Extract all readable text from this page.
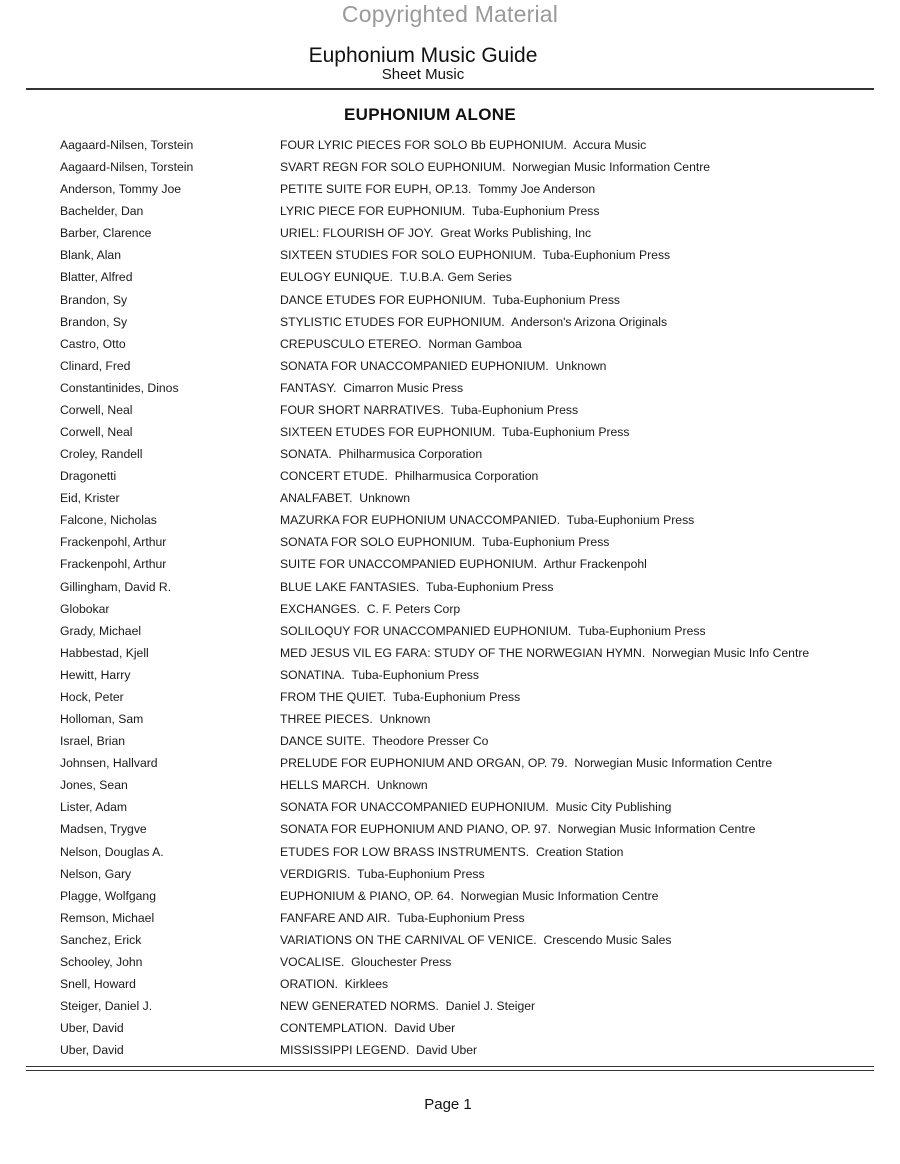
Copyrighted Material
Euphonium Music Guide
Sheet Music
EUPHONIUM ALONE
Aagaard-Nilsen, Torstein	FOUR LYRIC PIECES FOR SOLO Bb EUPHONIUM. Accura Music
Aagaard-Nilsen, Torstein	SVART REGN FOR SOLO EUPHONIUM. Norwegian Music Information Centre
Anderson, Tommy Joe	PETITE SUITE FOR EUPH, OP.13. Tommy Joe Anderson
Bachelder, Dan	LYRIC PIECE FOR EUPHONIUM. Tuba-Euphonium Press
Barber, Clarence	URIEL: FLOURISH OF JOY. Great Works Publishing, Inc
Blank, Alan	SIXTEEN STUDIES FOR SOLO EUPHONIUM. Tuba-Euphonium Press
Blatter, Alfred	EULOGY EUNIQUE. T.U.B.A. Gem Series
Brandon, Sy	DANCE ETUDES FOR EUPHONIUM. Tuba-Euphonium Press
Brandon, Sy	STYLISTIC ETUDES FOR EUPHONIUM. Anderson's Arizona Originals
Castro, Otto	CREPUSCULO ETEREO. Norman Gamboa
Clinard, Fred	SONATA FOR UNACCOMPANIED EUPHONIUM. Unknown
Constantinides, Dinos	FANTASY. Cimarron Music Press
Corwell, Neal	FOUR SHORT NARRATIVES. Tuba-Euphonium Press
Corwell, Neal	SIXTEEN ETUDES FOR EUPHONIUM. Tuba-Euphonium Press
Croley, Randell	SONATA. Philharmusica Corporation
Dragonetti	CONCERT ETUDE. Philharmusica Corporation
Eid, Krister	ANALFABET. Unknown
Falcone, Nicholas	MAZURKA FOR EUPHONIUM UNACCOMPANIED. Tuba-Euphonium Press
Frackenpohl, Arthur	SONATA FOR SOLO EUPHONIUM. Tuba-Euphonium Press
Frackenpohl, Arthur	SUITE FOR UNACCOMPANIED EUPHONIUM. Arthur Frackenpohl
Gillingham, David R.	BLUE LAKE FANTASIES. Tuba-Euphonium Press
Globokar	EXCHANGES. C. F. Peters Corp
Grady, Michael	SOLILOQUY FOR UNACCOMPANIED EUPHONIUM. Tuba-Euphonium Press
Habbestad, Kjell	MED JESUS VIL EG FARA: STUDY OF THE NORWEGIAN HYMN. Norwegian Music Info Centre
Hewitt, Harry	SONATINA. Tuba-Euphonium Press
Hock, Peter	FROM THE QUIET. Tuba-Euphonium Press
Holloman, Sam	THREE PIECES. Unknown
Israel, Brian	DANCE SUITE. Theodore Presser Co
Johnsen, Hallvard	PRELUDE FOR EUPHONIUM AND ORGAN, OP. 79. Norwegian Music Information Centre
Jones, Sean	HELLS MARCH. Unknown
Lister, Adam	SONATA FOR UNACCOMPANIED EUPHONIUM. Music City Publishing
Madsen, Trygve	SONATA FOR EUPHONIUM AND PIANO, OP. 97. Norwegian Music Information Centre
Nelson, Douglas A.	ETUDES FOR LOW BRASS INSTRUMENTS. Creation Station
Nelson, Gary	VERDIGRIS. Tuba-Euphonium Press
Plagge, Wolfgang	EUPHONIUM & PIANO, OP. 64. Norwegian Music Information Centre
Remson, Michael	FANFARE AND AIR. Tuba-Euphonium Press
Sanchez, Erick	VARIATIONS ON THE CARNIVAL OF VENICE. Crescendo Music Sales
Schooley, John	VOCALISE. Glouchester Press
Snell, Howard	ORATION. Kirklees
Steiger, Daniel J.	NEW GENERATED NORMS. Daniel J. Steiger
Uber, David	CONTEMPLATION. David Uber
Uber, David	MISSISSIPPI LEGEND. David Uber
Page 1
